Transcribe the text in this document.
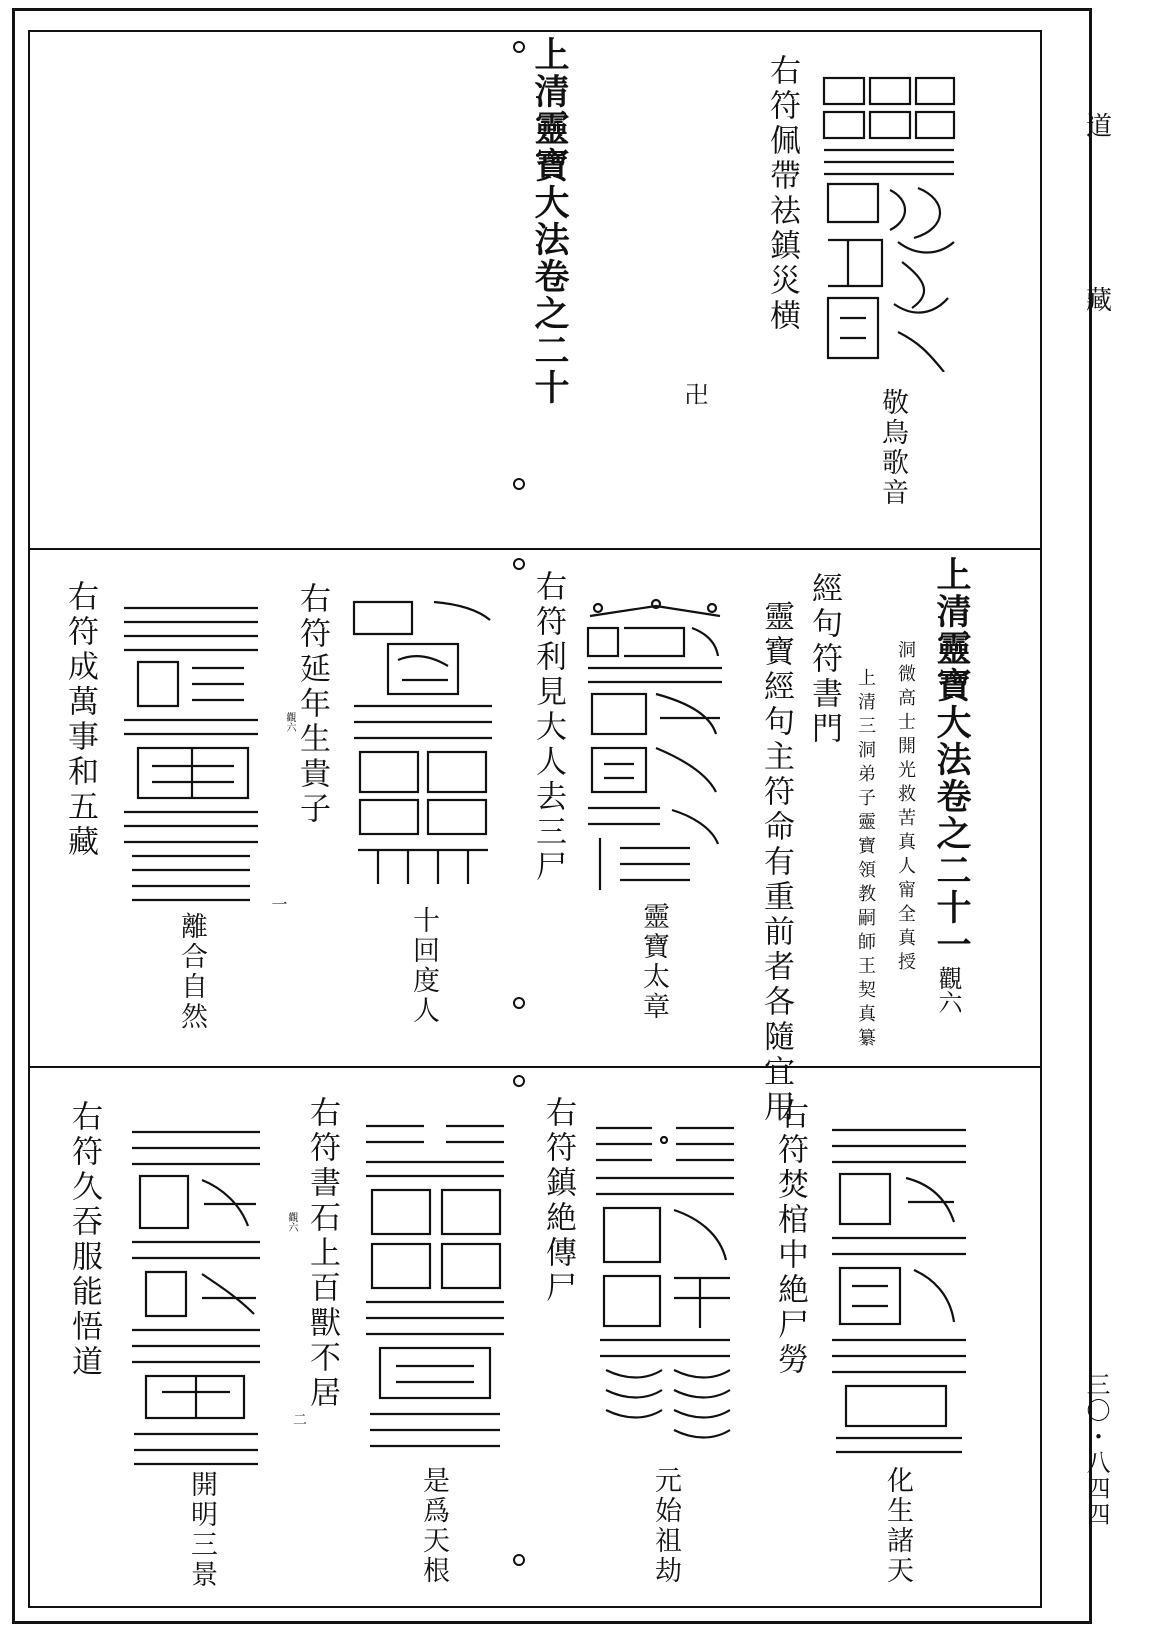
道
藏
三〇・八四四
上清靈寶大法卷之二十	卍
右符佩帶祛鎮災横
敬鳥歌音
上清靈寶大法卷之二十一
觀六
洞微高士開光救苦真人甯全真授
上清三洞弟子靈寶領教嗣師王契真纂
經句符書門
靈寶經句主符命有重前者各隨宜用
右符利見大人去三尸
靈寶太章
右符延年生貴子
觀六
十回度人
右符成萬事和五藏
離合自然
一
右符焚棺中絶尸勞
化生諸天
右符鎮絶傳尸
元始祖劫
右符書石上百獸不居
觀六
是爲天根
右符久吞服能悟道
開明三景
二
